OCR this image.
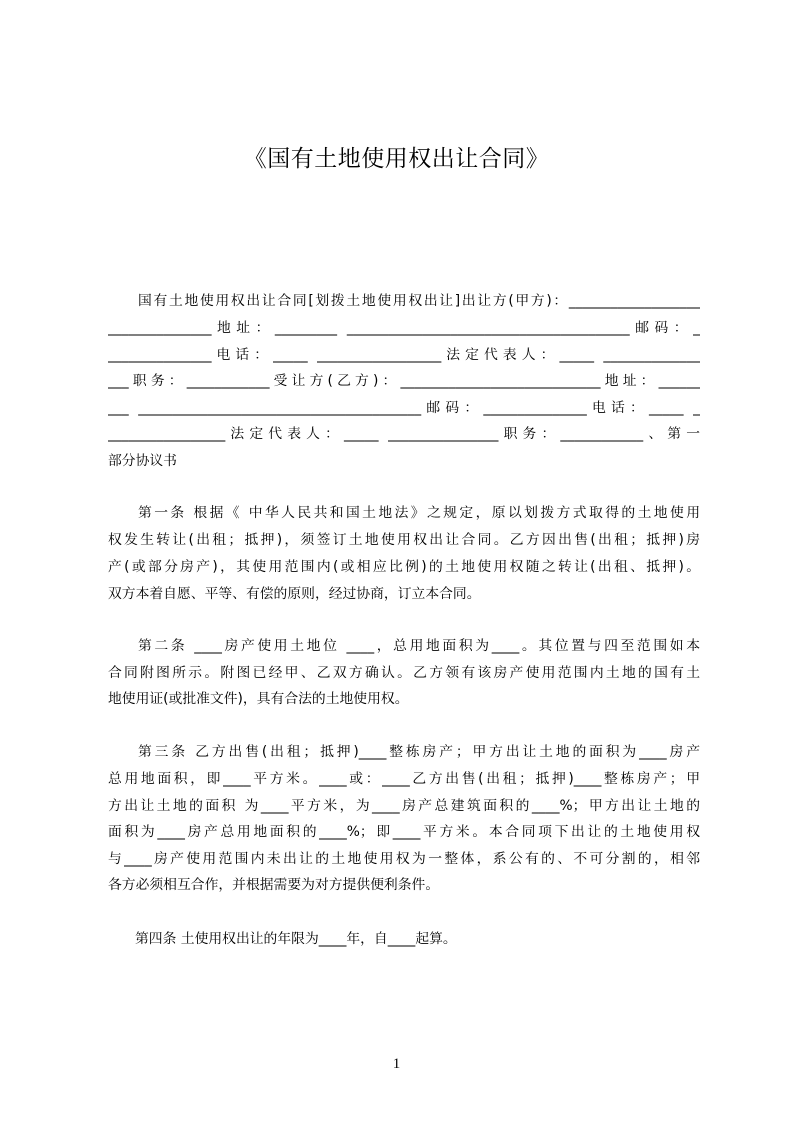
《国有土地使用权出让合同》
国有土地使用权出让合同[划拨土地使用权出让]出让方(甲方)：___________________
_______________地址：_________ _________________________________________邮码：_
_______________电话：_____ __________________法定代表人：_____ ______________
___职务：____________受让方(乙方)：_____________________________地址：______
___ _________________________________________邮码：_______________电话：_____ _
_________________法定代表人：_____ ________________职务：____________、第一
部分协议书
第一条 根据《 中华人民共和国土地法》之规定，原以划拨方式取得的土地使用
权发生转让(出租；抵押)，须签订土地使用权出让合同。乙方因出售(出租；抵押)房
产(或部分房产)，其使用范围内(或相应比例)的土地使用权随之转让(出租、抵押)。
双方本着自愿、平等、有偿的原则，经过协商，订立本合同。
第二条 ____房产使用土地位 ____，总用地面积为____。其位置与四至范围如本
合同附图所示。附图已经甲、乙双方确认。乙方领有该房产使用范围内土地的国有土
地使用证(或批准文件)，具有合法的土地使用权。
第三条 乙方出售(出租；抵押)____整栋房产；甲方出让土地的面积为____房产
总用地面积，即____平方米。____或：____乙方出售(出租；抵押)____整栋房产；甲
方出让土地的面积 为____平方米，为____房产总建筑面积的____%；甲方出让土地的
面积为____房产总用地面积的____%；即____平方米。本合同项下出让的土地使用权
与____房产使用范围内未出让的土地使用权为一整体，系公有的、不可分割的，相邻
各方必须相互合作，并根据需要为对方提供便利条件。
第四条 土使用权出让的年限为____年，自____起算。
1
